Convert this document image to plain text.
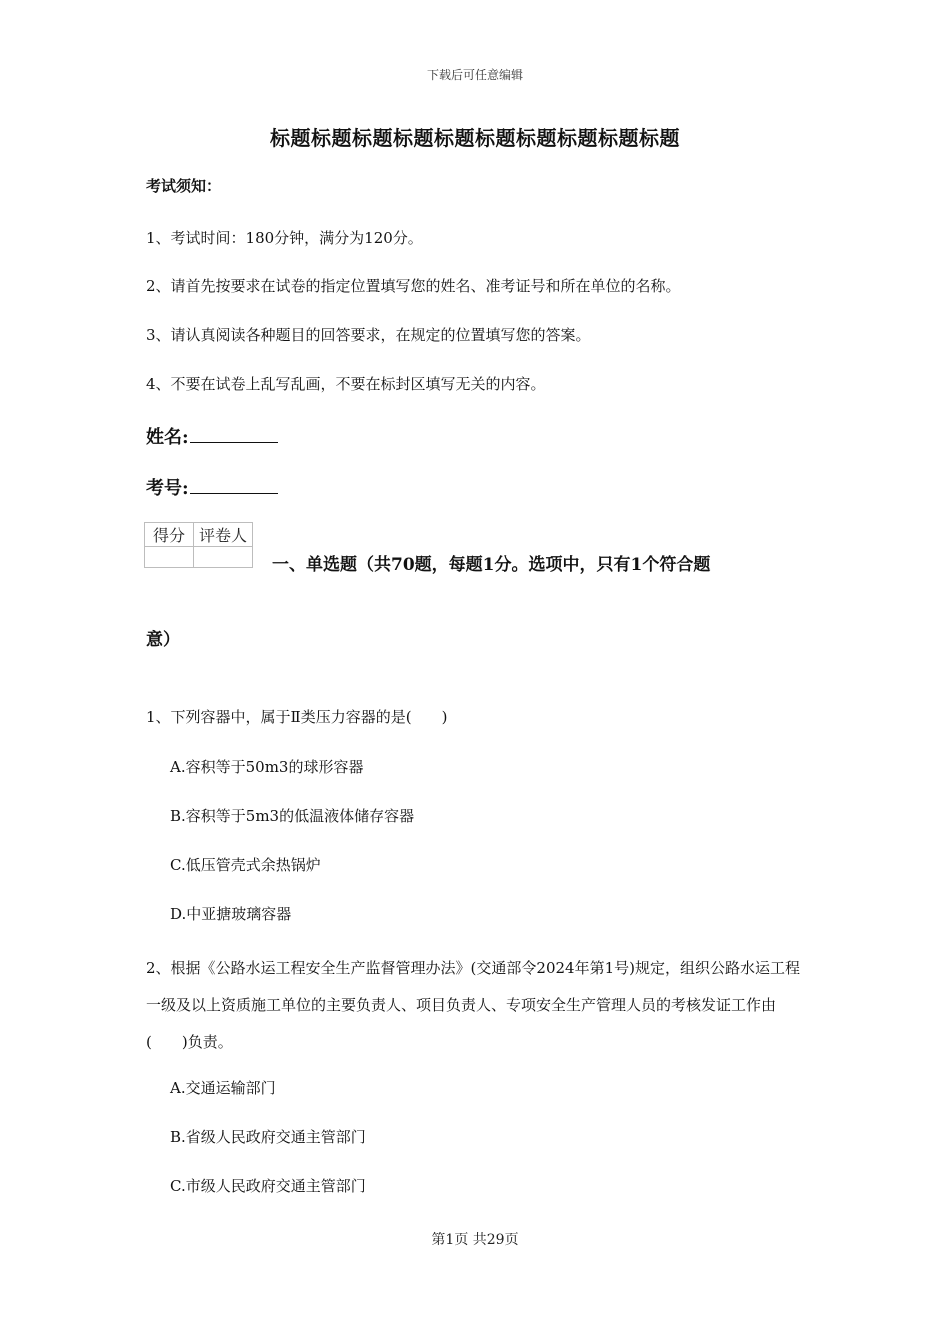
下载后可任意编辑
标题标题标题标题标题标题标题标题标题标题
考试须知：
1、考试时间：180分钟，满分为120分。
2、请首先按要求在试卷的指定位置填写您的姓名、准考证号和所在单位的名称。
3、请认真阅读各种题目的回答要求，在规定的位置填写您的答案。
4、不要在试卷上乱写乱画，不要在标封区填写无关的内容。
姓名:
考号:
得分	评卷人

一、单选题（共70题，每题1分。选项中，只有1个符合题
意）
1、下列容器中，属于Ⅱ类压力容器的是(　　)
A.容积等于50m3的球形容器
B.容积等于5m3的低温液体储存容器
C.低压管壳式余热锅炉
D.中亚搪玻璃容器
2、根据《公路水运工程安全生产监督管理办法》(交通部令2024年第1号)规定，组织公路水运工程一级及以上资质施工单位的主要负责人、项目负责人、专项安全生产管理人员的考核发证工作由(　　)负责。
A.交通运输部门
B.省级人民政府交通主管部门
C.市级人民政府交通主管部门
第1页 共29页
